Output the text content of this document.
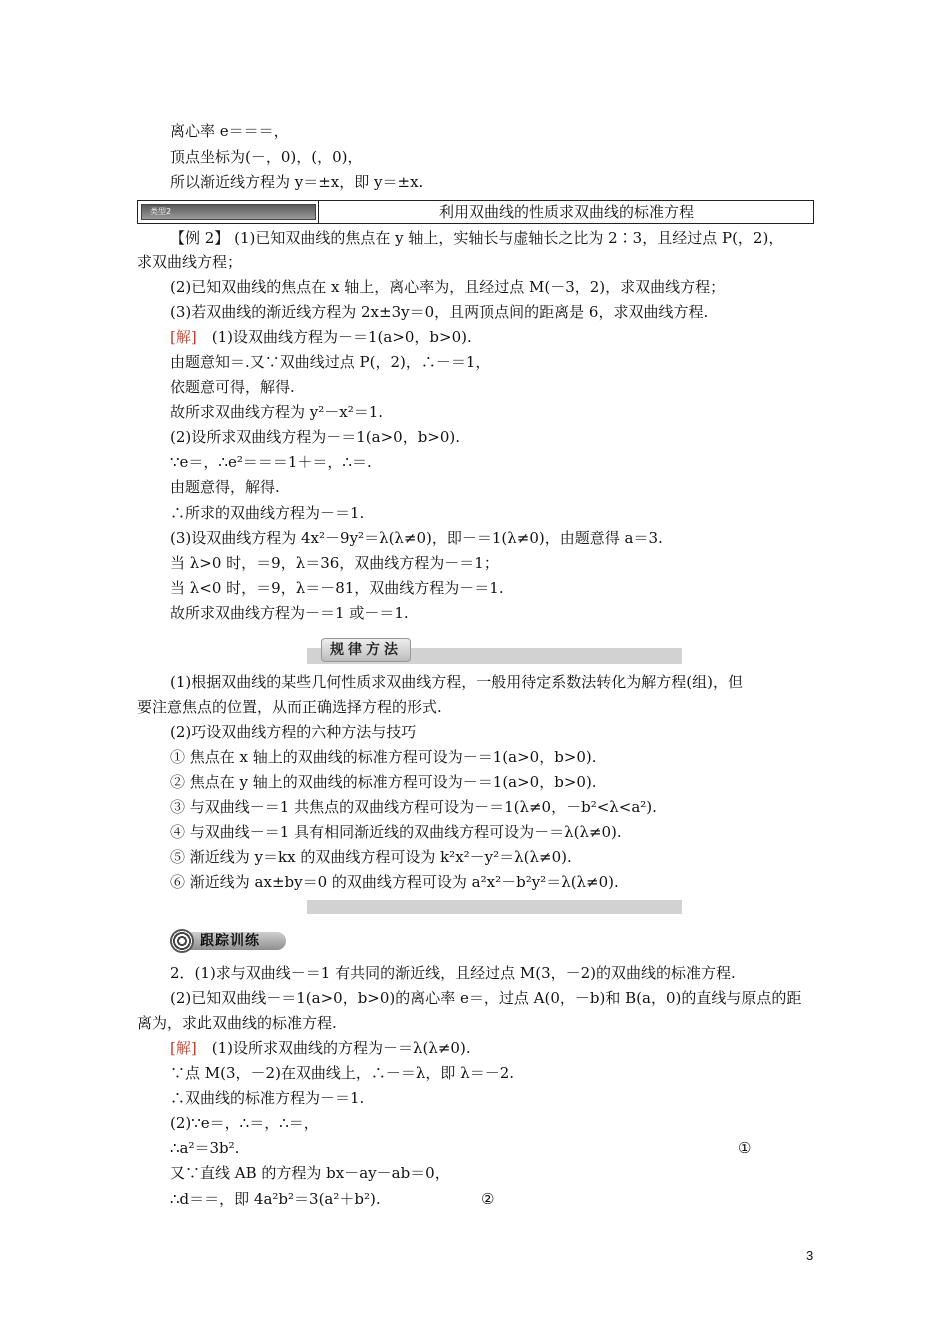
离心率 e＝＝＝，
顶点坐标为(－，0)，(，0)，
所以渐近线方程为 y＝±x，即 y＝±x.
类型2	利用双曲线的性质求双曲线的标准方程
【例 2】 (1)已知双曲线的焦点在 y 轴上，实轴长与虚轴长之比为 2∶3，且经过点 P(，2)，
求双曲线方程；
(2)已知双曲线的焦点在 x 轴上，离心率为，且经过点 M(－3，2)，求双曲线方程；
(3)若双曲线的渐近线方程为 2x±3y＝0，且两顶点间的距离是 6，求双曲线方程.
[解]　 (1)设双曲线方程为－＝1(a>0，b>0).
由题意知＝.又∵双曲线过点 P(，2)，∴－＝1，
依题意可得，解得.
故所求双曲线方程为 y²－x²＝1.
(2)设所求双曲线方程为－＝1(a>0，b>0).
∵e＝，∴e²＝＝＝1＋＝，∴＝.
由题意得，解得.
∴所求的双曲线方程为－＝1.
(3)设双曲线方程为 4x²－9y²＝λ(λ≠0)，即－＝1(λ≠0)，由题意得 a＝3.
当 λ>0 时，＝9，λ＝36，双曲线方程为－＝1；
当 λ<0 时，＝9，λ＝－81，双曲线方程为－＝1.
故所求双曲线方程为－＝1 或－＝1.
规律方法
(1)根据双曲线的某些几何性质求双曲线方程，一般用待定系数法转化为解方程(组)，但
要注意焦点的位置，从而正确选择方程的形式.
(2)巧设双曲线方程的六种方法与技巧
① 焦点在 x 轴上的双曲线的标准方程可设为－＝1(a>0，b>0).
② 焦点在 y 轴上的双曲线的标准方程可设为－＝1(a>0，b>0).
③ 与双曲线－＝1 共焦点的双曲线方程可设为－＝1(λ≠0，－b²<λ<a²).
④ 与双曲线－＝1 具有相同渐近线的双曲线方程可设为－＝λ(λ≠0).
⑤ 渐近线为 y＝kx 的双曲线方程可设为 k²x²－y²＝λ(λ≠0).
⑥ 渐近线为 ax±by＝0 的双曲线方程可设为 a²x²－b²y²＝λ(λ≠0).
跟踪训练
2．(1)求与双曲线－＝1 有共同的渐近线，且经过点 M(3，－2)的双曲线的标准方程.
(2)已知双曲线－＝1(a>0，b>0)的离心率 e＝，过点 A(0，－b)和 B(a，0)的直线与原点的距
离为，求此双曲线的标准方程.
[解]　 (1)设所求双曲线的方程为－＝λ(λ≠0).
∵点 M(3，－2)在双曲线上，∴－＝λ，即 λ＝－2.
∴双曲线的标准方程为－＝1.
(2)∵e＝，∴＝，∴＝，
∴a²＝3b².	①
又∵直线 AB 的方程为 bx－ay－ab＝0，
∴d＝＝，即 4a²b²＝3(a²＋b²).	②
3
